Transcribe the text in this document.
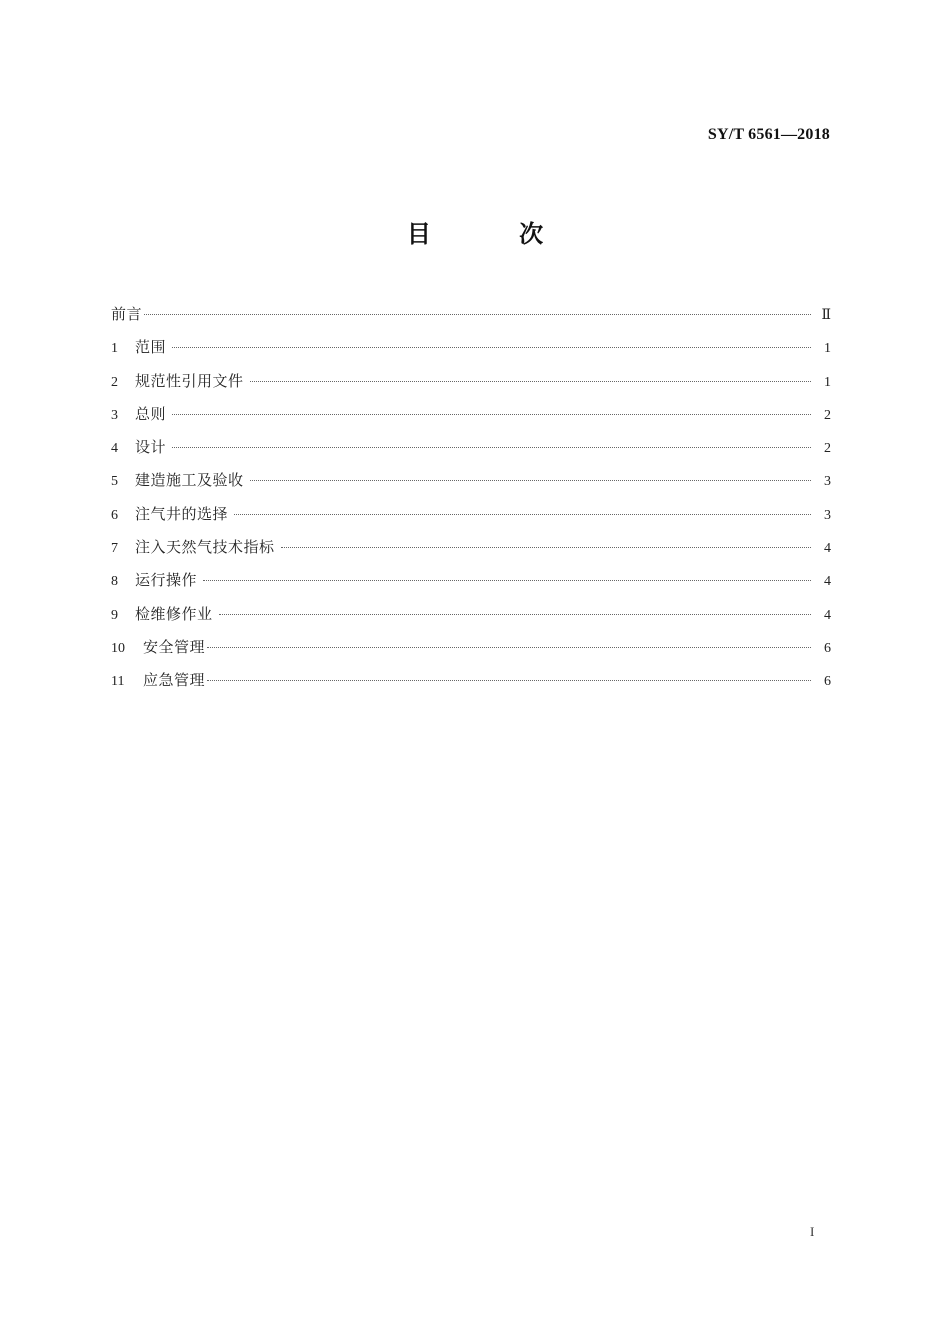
SY/T 6561—2018
目 次
前言	Ⅱ
1	范围	1
2	规范性引用文件	1
3	总则	2
4	设计	2
5	建造施工及验收	3
6	注气井的选择	3
7	注入天然气技术指标	4
8	运行操作	4
9	检维修作业	4
10	安全管理	6
11	应急管理	6
I
